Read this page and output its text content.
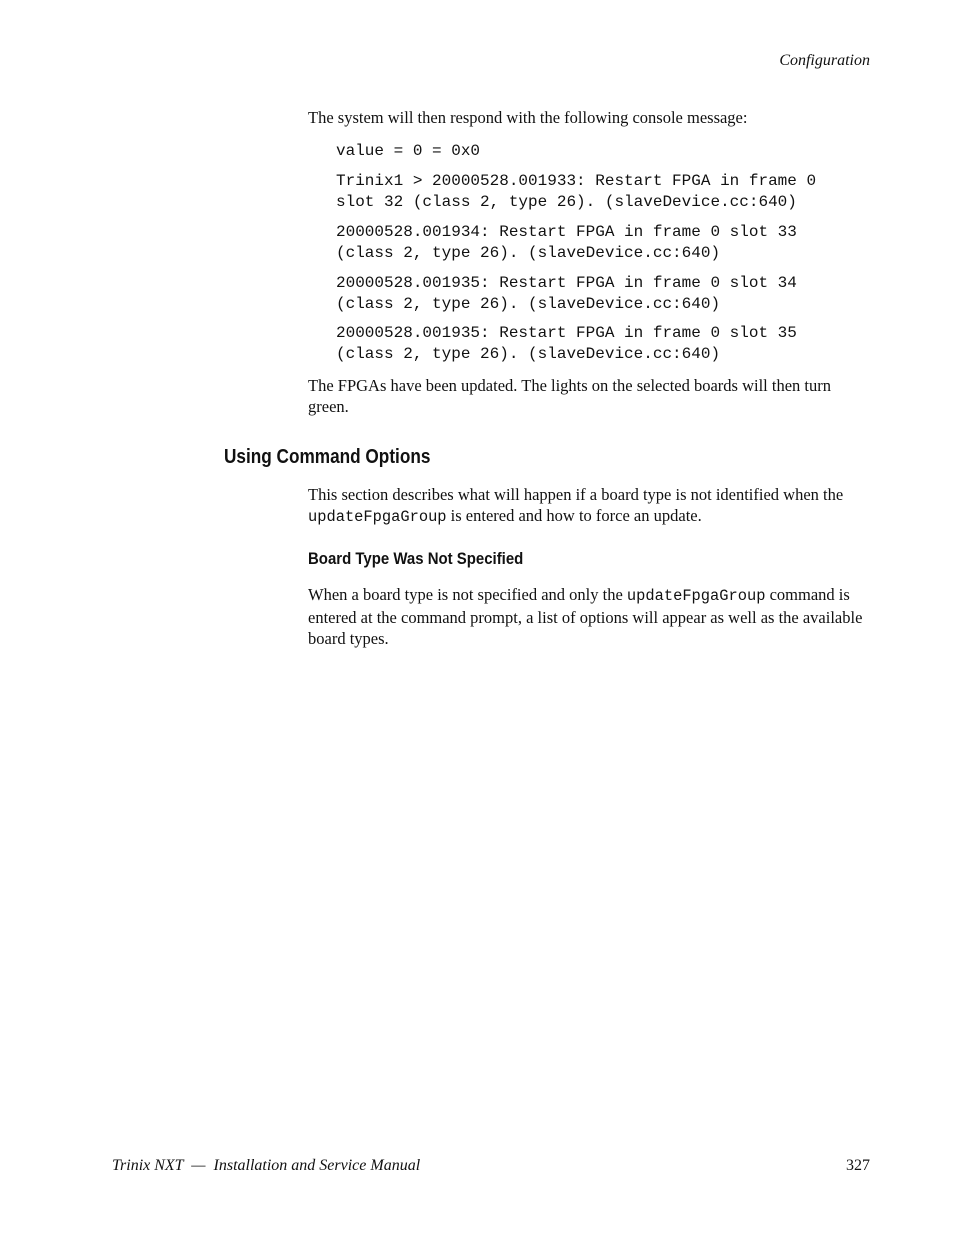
Configuration

The system will then respond with the following console message:

value = 0 = 0x0

Trinix1 > 20000528.001933: Restart FPGA in frame 0

slot 32 (class 2, type 26). (slaveDevice.cc:640)

20000528.001934: Restart FPGA in frame 0 slot 33

(class 2, type 26). (slaveDevice.cc:640)

20000528.001935: Restart FPGA in frame 0 slot 34

(class 2, type 26). (slaveDevice.cc:640)

20000528.001935: Restart FPGA in frame 0 slot 35

(class 2, type 26). (slaveDevice.cc:640)

The FPGAs have been updated. The lights on the selected boards will then turn green.

Using Command Options

This section describes what will happen if a board type is not identified when the updateFpgaGroup is entered and how to force an update.

Board Type Was Not Specified

When a board type is not specified and only the updateFpgaGroup command is entered at the command prompt, a list of options will appear as well as the available board types.

Trinix NXT  —  Installation and Service Manual	327
